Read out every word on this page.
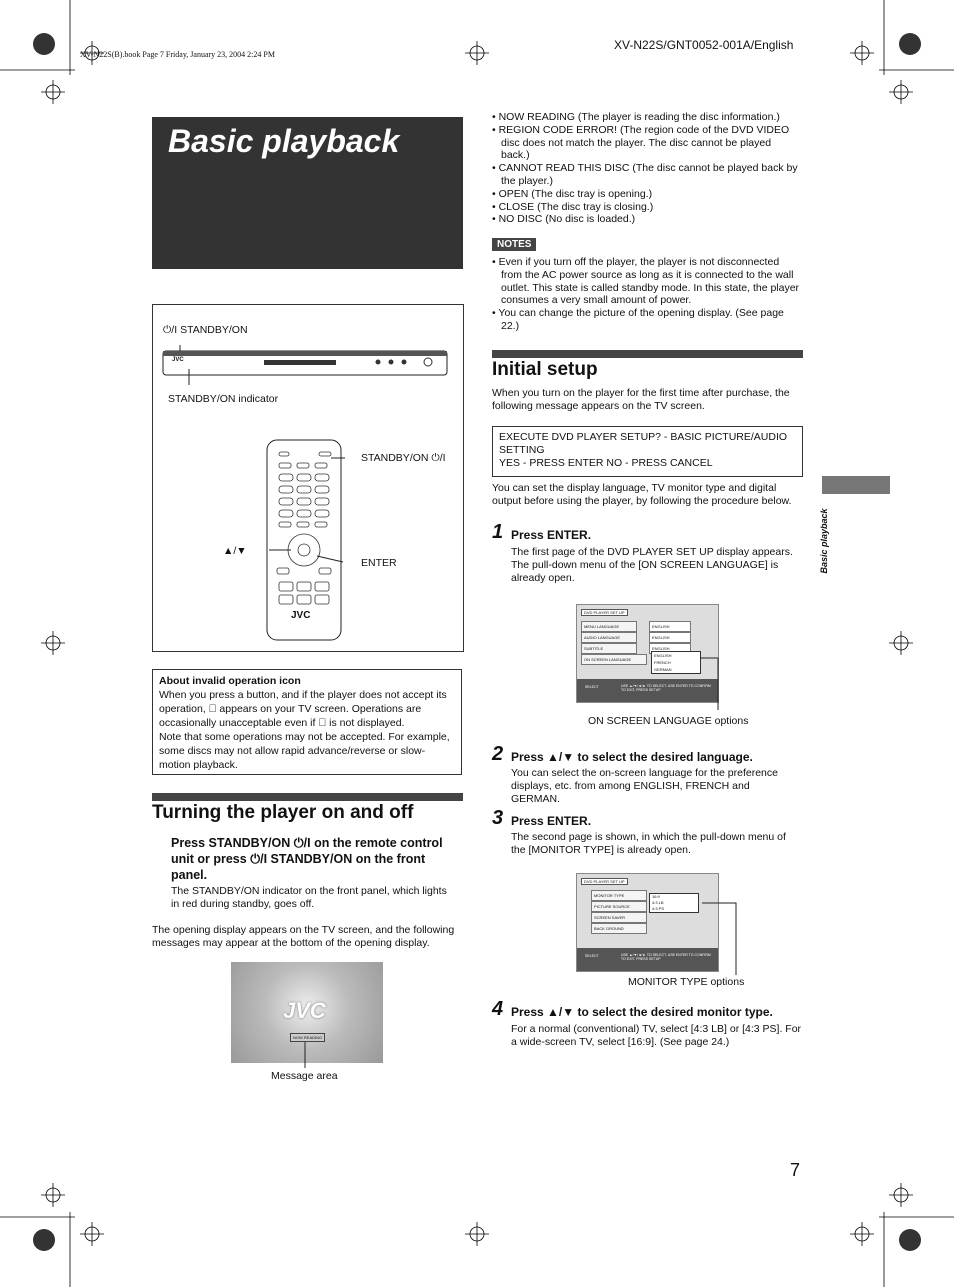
XV-N22S/GNT0052-001A/English
XV-N22S(B).book Page 7 Friday, January 23, 2004 2:24 PM
Basic playback
⏻/I STANDBY/ON
JVC
STANDBY/ON indicator
JVC
STANDBY/ON ⏻/I
▲/▼
ENTER
About invalid operation icon
When you press a button, and if the player does not accept its
operation, appears on your TV screen. Operations are
occasionally unacceptable even if is not displayed.
Note that some operations may not be accepted. For example,
some discs may not allow rapid advance/reverse or slow-
motion playback.
Turning the player on and off
Press STANDBY/ON ⏻/I on the remote control
unit or press ⏻/I STANDBY/ON on the front
panel.
The STANDBY/ON indicator on the front panel, which lights
in red during standby, goes off.
The opening display appears on the TV screen, and the following
messages may appear at the bottom of the opening display.
JVC
NOW READING
Message area
• NOW READING (The player is reading the disc information.)
• REGION CODE ERROR! (The region code of the DVD VIDEO disc does not match the player. The disc cannot be played back.)
• CANNOT READ THIS DISC (The disc cannot be played back by the player.)
• OPEN (The disc tray is opening.)
• CLOSE (The disc tray is closing.)
• NO DISC (No disc is loaded.)
NOTES
• Even if you turn off the player, the player is not disconnected from the AC power source as long as it is connected to the wall outlet. This state is called standby mode. In this state, the player consumes a very small amount of power.
• You can change the picture of the opening display. (See page 22.)
Initial setup
When you turn on the player for the first time after purchase, the following message appears on the TV screen.
EXECUTE DVD PLAYER SETUP? - BASIC PICTURE/AUDIO
SETTING
YES - PRESS ENTER NO - PRESS CANCEL
You can set the display language, TV monitor type and digital output before using the player, by following the procedure below.
1 Press ENTER.
The first page of the DVD PLAYER SET UP display appears. The pull-down menu of the [ON SCREEN LANGUAGE] is already open.
DVD PLAYER SET UP
MENU LANGUAGE
AUDIO LANGUAGE
SUBTITLE
ON SCREEN LANGUAGE
ENGLISH
ENGLISH
ENGLISH
ENGLISH
FRENCH
GERMAN
SELECT	USE ▲/▼/◄/► TO SELECT, USE ENTER TO CONFIRM TO EXIT, PRESS SETUP
ON SCREEN LANGUAGE options
2 Press ▲/▼ to select the desired language.
You can select the on-screen language for the preference displays, etc. from among ENGLISH, FRENCH and GERMAN.
3 Press ENTER.
The second page is shown, in which the pull-down menu of the [MONITOR TYPE] is already open.
DVD PLAYER SET UP
MONITOR TYPE
PICTURE SOURCE
SCREEN SAVER
BACK GROUND
16:9
4:3 LB
4:3 PS
SELECT	USE ▲/▼/◄/► TO SELECT, USE ENTER TO CONFIRM TO EXIT, PRESS SETUP
MONITOR TYPE options
4 Press ▲/▼ to select the desired monitor type.
For a normal (conventional) TV, select [4:3 LB] or [4:3 PS]. For a wide-screen TV, select [16:9]. (See page 24.)
Basic playback
7
